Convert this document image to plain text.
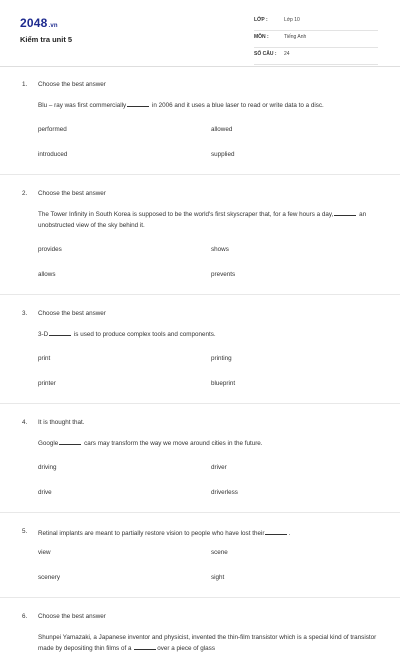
2048.vn
Kiểm tra unit 5
LỚP :	Lớp 10
MÔN :	Tiếng Anh
SỐ CÂU : 24
1. Choose the best answer
Blu – ray was first commercially	in 2006 and it uses a blue laser to read or write data to a disc.
performed	allowed
introduced	supplied
2. Choose the best answer
The Tower Infinity in South Korea is supposed to be the world's first skyscraper that, for a few hours a day,	an unobstructed view of the sky behind it.
provides	shows
allows	prevents
3. Choose the best answer
3-D	is used to produce complex tools and components.
print	printing
printer	blueprint
4. It is thought that.
Google	cars may transform the way we move around cities in the future.
driving	driver
drive	driverless
5. Retinal implants are meant to partially restore vision to people who have lost their	.
view	scene
scenery	sight
6. Choose the best answer
Shunpei Yamazaki, a Japanese inventor and physicist, invented the thin-film transistor which is a special kind of transistor made by depositing thin films of a	over a piece of glass
